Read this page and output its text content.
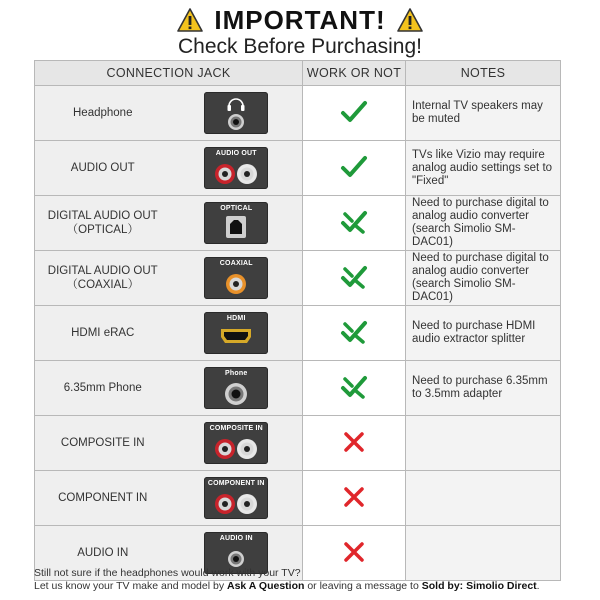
IMPORTANT!
Check Before Purchasing!
CONNECTION JACK		WORK OR NOT	NOTES
Headphone			Internal TV speakers may be muted
AUDIO OUT	AUDIO OUT		TVs like Vizio may require analog audio settings set to "Fixed"
DIGITAL AUDIO OUT
（OPTICAL）	OPTICAL		Need to purchase digital to analog audio converter (search Simolio SM-DAC01)
DIGITAL AUDIO OUT
（COAXIAL）	COAXIAL		Need to purchase digital to analog audio converter (search Simolio SM-DAC01)
HDMI eRAC	HDMI		Need to purchase HDMI audio extractor splitter
6.35mm Phone	Phone		Need to purchase 6.35mm to 3.5mm adapter
COMPOSITE IN	COMPOSITE IN

COMPONENT IN	COMPONENT IN

AUDIO IN	AUDIO IN

Still not sure if the headphones would work with your TV?
Let us know your TV make and model by Ask A Question or leaving a message to Sold by: Simolio Direct.
